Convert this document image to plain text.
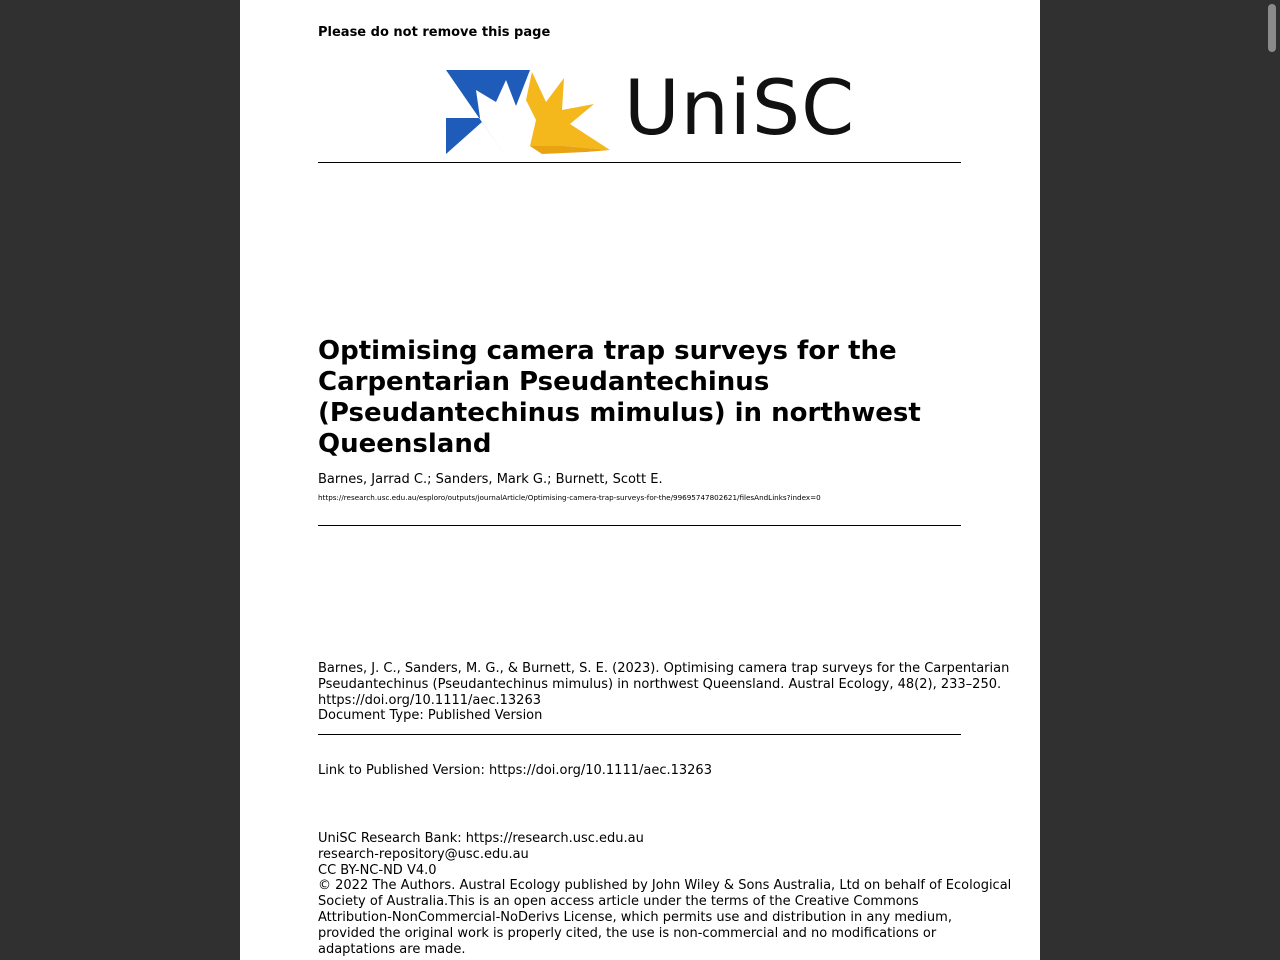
Please do not remove this page
UniSC
Optimising camera trap surveys for the Carpentarian Pseudantechinus (Pseudantechinus mimulus) in northwest Queensland
Barnes, Jarrad C.; Sanders, Mark G.; Burnett, Scott E.
https://research.usc.edu.au/esploro/outputs/journalArticle/Optimising-camera-trap-surveys-for-the/99695747802621/filesAndLinks?index=0
Barnes, J. C., Sanders, M. G., & Burnett, S. E. (2023). Optimising camera trap surveys for the Carpentarian
Pseudantechinus (Pseudantechinus mimulus) in northwest Queensland. Austral Ecology, 48(2), 233–250.
https://doi.org/10.1111/aec.13263
Document Type: Published Version
Link to Published Version: https://doi.org/10.1111/aec.13263
UniSC Research Bank: https://research.usc.edu.au
research-repository@usc.edu.au
CC BY-NC-ND V4.0
© 2022 The Authors. Austral Ecology published by John Wiley & Sons Australia, Ltd on behalf of Ecological
Society of Australia.This is an open access article under the terms of the Creative Commons
Attribution-NonCommercial-NoDerivs License, which permits use and distribution in any medium,
provided the original work is properly cited, the use is non-commercial and no modifications or
adaptations are made.
